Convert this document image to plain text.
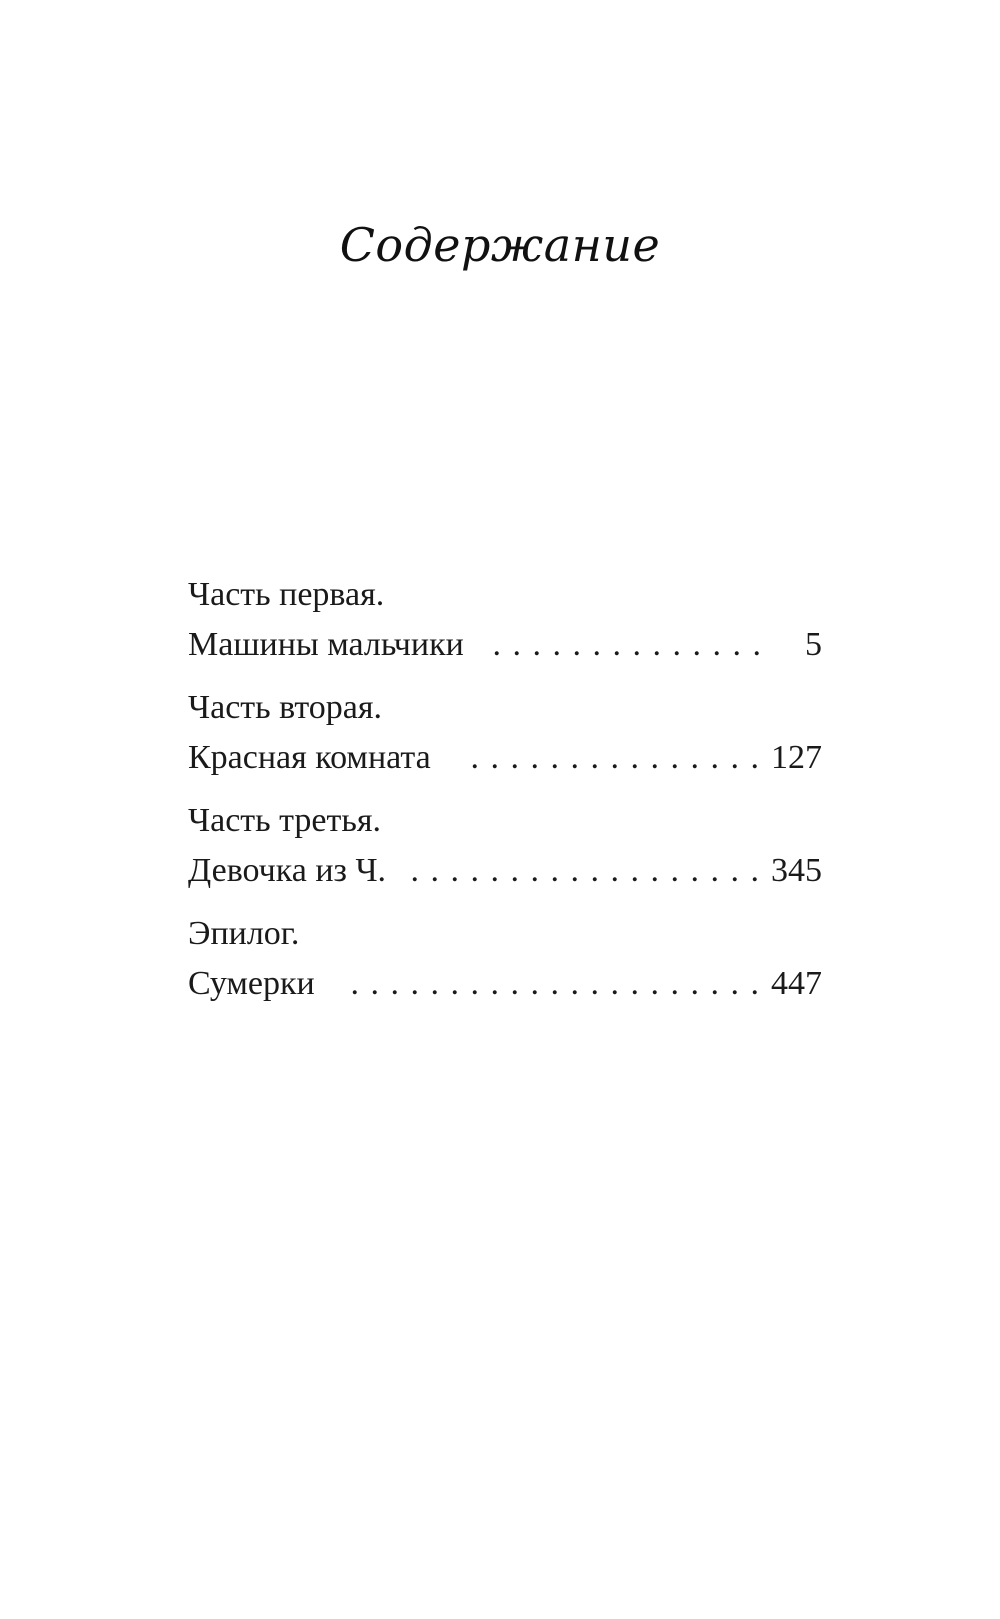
Содержание
Часть первая.
Машины мальчики . . .	5
Часть вторая.
Красная комната . . .	127
Часть третья.
Девочка из Ч. . . .	345
Эпилог.
Сумерки . . .	447
